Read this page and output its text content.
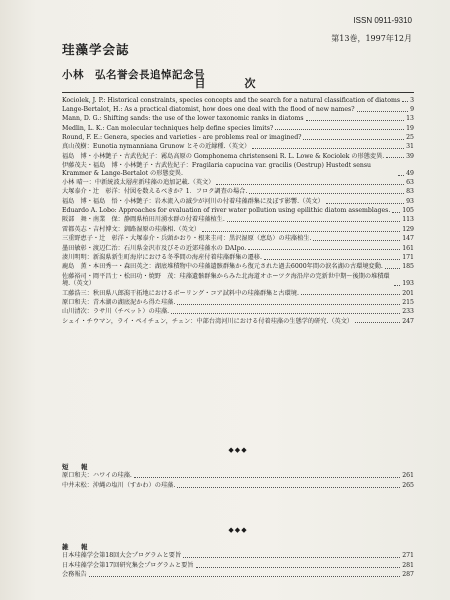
珪藻学会誌
小林　弘名誉会長追悼記念号
ISSN 0911-9310
第13巻，1997年12月
目　次
Kociolek, J. P.: Historical constraints, species concepts and the search for a natural classification of diatoms 3
Lange-Bertalot, H.: As a practical diatomist, how does one deal with the flood of new names?	9
Mann, D. G.: Shifting sands: the use of the lower taxonomic ranks in diatoms	13
Medlin, L. K.: Can molecular techniques help define species limits?	19
Round, F. E.: Genera, species and varieties - are problems real or imagined?	25
真山茂樹：Eunotia nymanniana Grunow とその近縁種.（英文）	31
福島　博・小林艶子・古武佐紀子：霧島高原の Gomphonema christenseni R. L. Lowe & Kociolek の形態変異.	39
伊藤茂夫・福島　博・小林艶子・古武佐紀子：Fragilaria capucina var. gracilis (Oestrup) Hustedt sensu Krammer & Lange-Bertalot の形態変異.	49
小林 晴一：中新統波太層産新珪藻の追加記載.（英文）	63
大塚泰介・辻　彰洋：付図を数えるべきか？1．フロク調査の場合.	83
福島　博・福島　悟・小林艶子：岩木流入の滅少が河川の付着珪藻群集に及ぼす影響.（英文）	93
Eduardo A. Lobo: Approaches for evaluation of river water pollution using epilithic diatom assemblages. 105
阪部　舞・南業　保：静岡県柏田川湧水群の付着珪藻植生.	113
雷都英志・吉村博文：釧路湿原の珪藻相.（英文）	129
三重野恵子・辻　彰洋・大塚泰介・兵頭かおり・根来圭司：黒沢湿原（恵島）の珪藻植生.	147
墨田敏彰・渡辺仁治：石川県金沢市及びその近郊珪藻水の DAIpo.	161
湊川明明：新潟県新生町海岸における冬季間の海産付着珪藻群集の遷移.	171
鹿島　薫・本田秀一・森田英之：湖底堆積物中の珪藻遺骸群集から復元された過去6000年間の涙名湖の古環境変動.	185
佐藤裕司・岡平昌士・松田功・焼野　茂：珪藻遺骸群集からみた北海道オホーツク海沿岸の完新世中期〜後期の堆積環境.（英文）	193
工藤浩三：秋田県八郎潟干拓地におけるボーリング・コア試料中の珪藻群集と古環境.	201
原口和夫：青木湖の湖底泥から得た珪藻.	215
山川清次：ラサ川（チベット）の珪藻.	233
シュイ・チウマン，ライ・ペイチュン，チェン：中部台湾河川における付着珪藻の生態学的研究.（英文）	247
◆◆◆
短　報
原口和夫：ハワイの珪藻.	261
中井末松：沖縄の塩川（すかわ）の珪藻.	265
◆◆◆
雑　報
日本珪藻学会第18回大会プログラムと要旨	271
日本珪藻学会第17回研究集会プログラムと要旨	281
会務報告	287
